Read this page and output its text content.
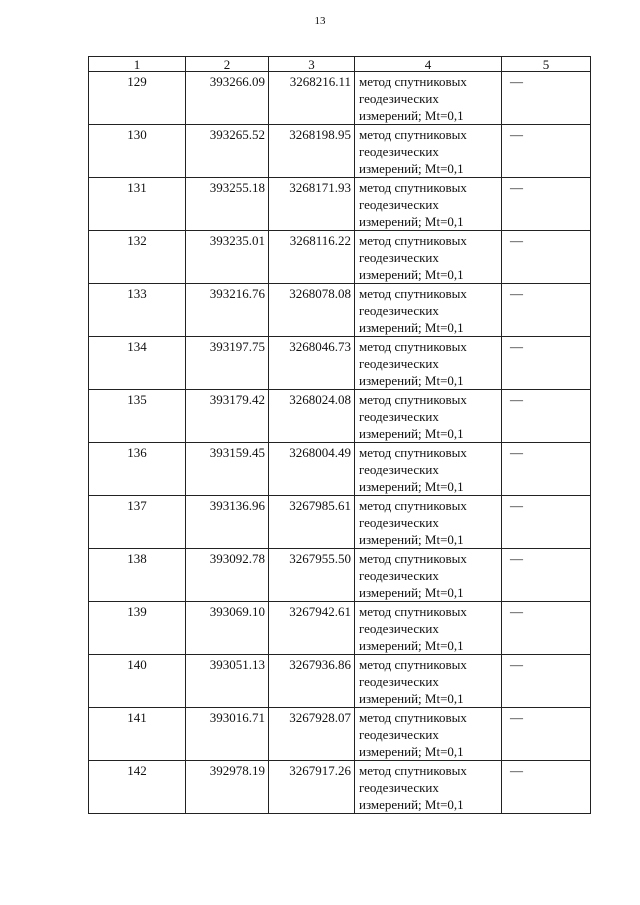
13
1	2	3	4	5
129	393266.09	3268216.11	метод спутниковых
геодезических
измерений; Mt=0,1	—
130	393265.52	3268198.95	метод спутниковых
геодезических
измерений; Mt=0,1	—
131	393255.18	3268171.93	метод спутниковых
геодезических
измерений; Mt=0,1	—
132	393235.01	3268116.22	метод спутниковых
геодезических
измерений; Mt=0,1	—
133	393216.76	3268078.08	метод спутниковых
геодезических
измерений; Mt=0,1	—
134	393197.75	3268046.73	метод спутниковых
геодезических
измерений; Mt=0,1	—
135	393179.42	3268024.08	метод спутниковых
геодезических
измерений; Mt=0,1	—
136	393159.45	3268004.49	метод спутниковых
геодезических
измерений; Mt=0,1	—
137	393136.96	3267985.61	метод спутниковых
геодезических
измерений; Mt=0,1	—
138	393092.78	3267955.50	метод спутниковых
геодезических
измерений; Mt=0,1	—
139	393069.10	3267942.61	метод спутниковых
геодезических
измерений; Mt=0,1	—
140	393051.13	3267936.86	метод спутниковых
геодезических
измерений; Mt=0,1	—
141	393016.71	3267928.07	метод спутниковых
геодезических
измерений; Mt=0,1	—
142	392978.19	3267917.26	метод спутниковых
геодезических
измерений; Mt=0,1	—
